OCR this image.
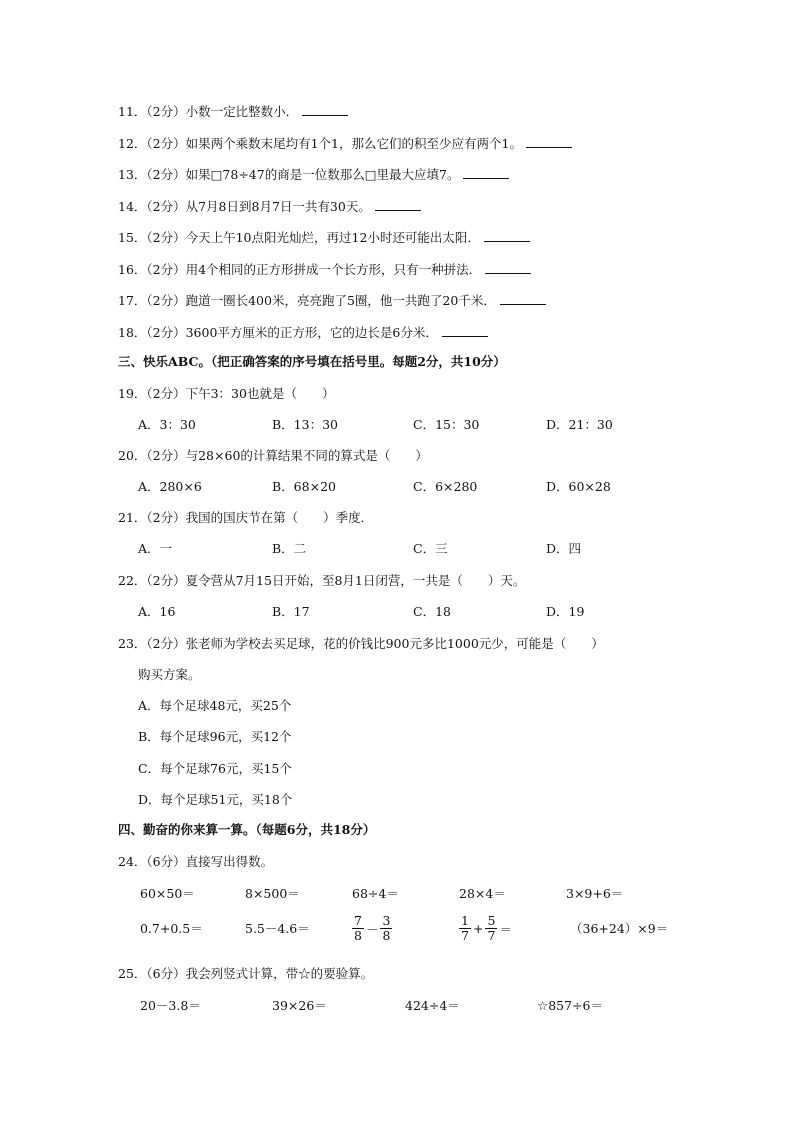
11．（2分）小数一定比整数小．
12．（2分）如果两个乘数末尾均有1个1，那么它们的积至少应有两个1。
13．（2分）如果□78÷47的商是一位数那么□里最大应填7。
14．（2分）从7月8日到8月7日一共有30天。
15．（2分）今天上午10点阳光灿烂，再过12小时还可能出太阳．
16．（2分）用4个相同的正方形拼成一个长方形，只有一种拼法．
17．（2分）跑道一圈长400米，亮亮跑了5圈，他一共跑了20千米．
18．（2分）3600平方厘米的正方形，它的边长是6分米．
三、快乐ABC。（把正确答案的序号填在括号里。每题2分，共10分）
19．（2分）下午3：30也就是（　　）
A．3：30	B．13：30	C．15：30	D．21：30
20．（2分）与28×60的计算结果不同的算式是（　　）
A．280×6	B．68×20	C．6×280	D．60×28
21．（2分）我国的国庆节在第（　　）季度．
A．一	B．二	C．三	D．四
22．（2分）夏令营从7月15日开始，至8月1日闭营，一共是（　　）天。
A．16	B．17	C．18	D．19
23．（2分）张老师为学校去买足球，花的价钱比900元多比1000元少，可能是（　　）
购买方案。
A．每个足球48元，买25个
B．每个足球96元，买12个
C．每个足球76元，买15个
D．每个足球51元，买18个
四、勤奋的你来算一算。（每题6分，共18分）
24．（6分）直接写出得数。
60×50＝	8×500＝	68÷4＝	28×4＝	3×9+6＝
0.7+0.5＝	5.5－4.6＝	$\frac{7}{8} - \frac{3}{8}$	$\frac{1}{7} + \frac{5}{7}$ ＝	（36+24）×9＝
25．（6分）我会列竖式计算，带☆的要验算。
20－3.8＝	39×26＝	424÷4＝	☆857÷6＝
